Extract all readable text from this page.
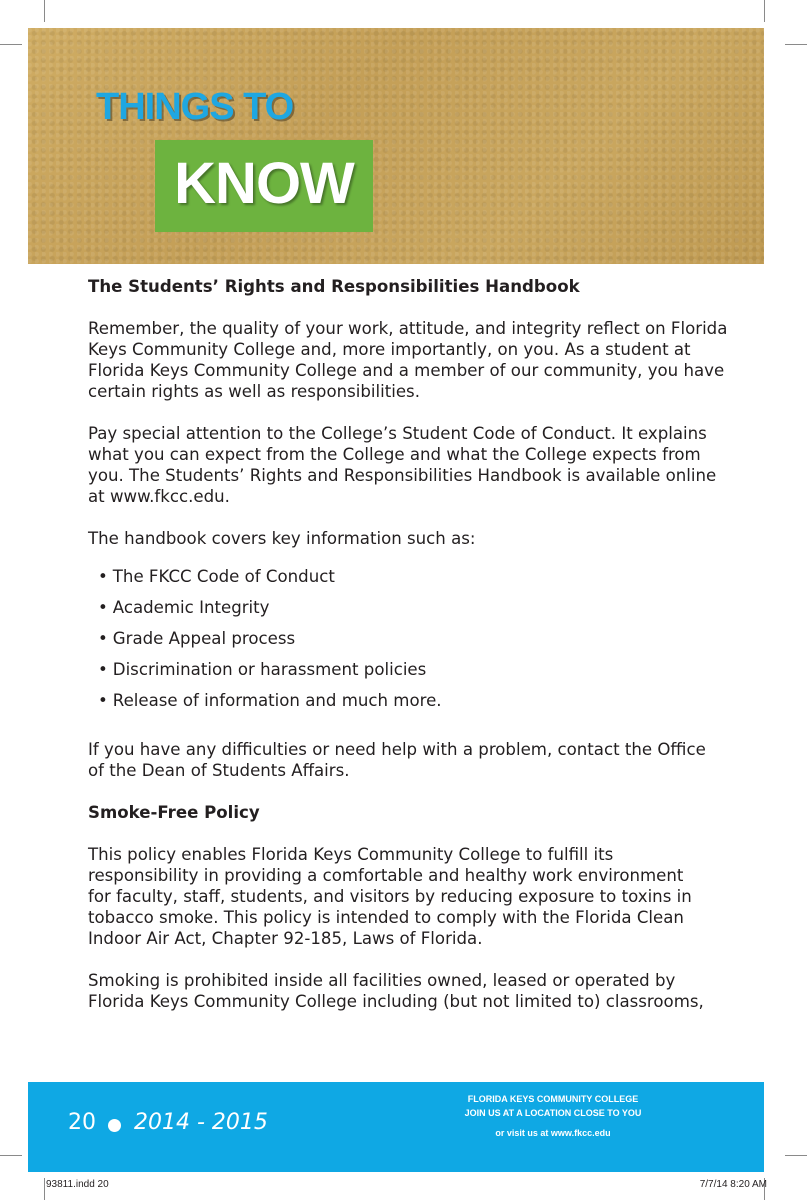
THINGS TO
KNOW
The Students’ Rights and Responsibilities Handbook

Remember, the quality of your work, attitude, and integrity reflect on Florida
Keys Community College and, more importantly, on you. As a student at
Florida Keys Community College and a member of our community, you have
certain rights as well as responsibilities.

Pay special attention to the College’s Student Code of Conduct. It explains
what you can expect from the College and what the College expects from
you. The Students’ Rights and Responsibilities Handbook is available online
at www.fkcc.edu.

The handbook covers key information such as:

• The FKCC Code of Conduct
• Academic Integrity
• Grade Appeal process
• Discrimination or harassment policies
• Release of information and much more.

If you have any difficulties or need help with a problem, contact the Office
of the Dean of Students Affairs.

Smoke-Free Policy

This policy enables Florida Keys Community College to fulfill its
responsibility in providing a comfortable and healthy work environment
for faculty, staff, students, and visitors by reducing exposure to toxins in
tobacco smoke. This policy is intended to comply with the Florida Clean
Indoor Air Act, Chapter 92-185, Laws of Florida.

Smoking is prohibited inside all facilities owned, leased or operated by
Florida Keys Community College including (but not limited to) classrooms,

20 2014 - 2015
FLORIDA KEYS COMMUNITY COLLEGE
JOIN US AT A LOCATION CLOSE TO YOU
or visit us at www.fkcc.edu
93811.indd 20	7/7/14 8:20 AM
